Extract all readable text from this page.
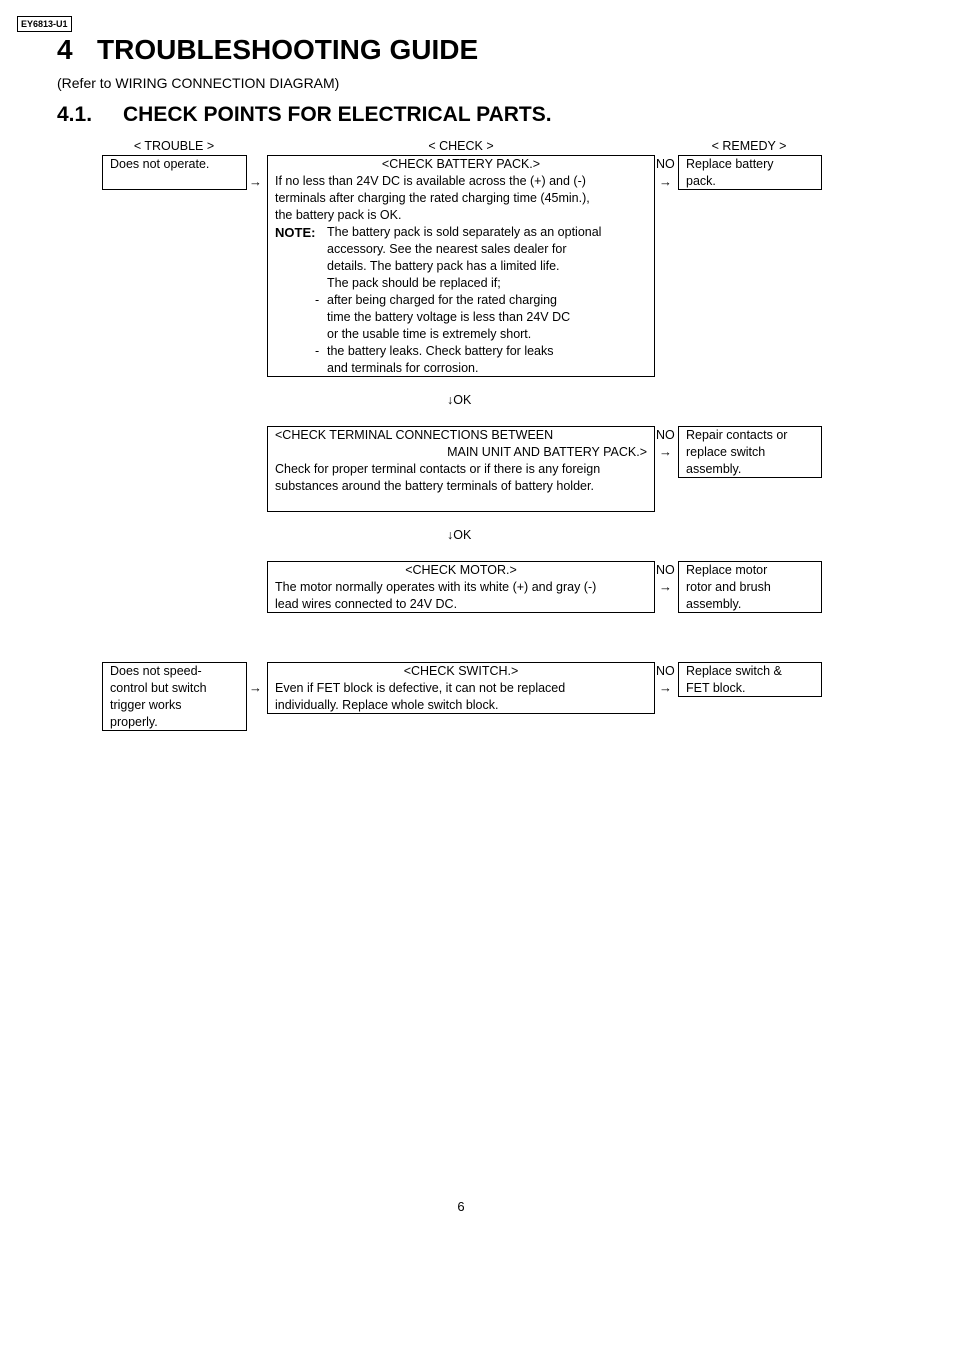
EY6813-U1
4 TROUBLESHOOTING GUIDE
(Refer to WIRING CONNECTION DIAGRAM)
4.1. CHECK POINTS FOR ELECTRICAL PARTS.
< TROUBLE >	< CHECK >	< REMEDY >

Does not operate.

→

<CHECK BATTERY PACK.>

If no less than 24V DC is available across the (+) and (-)

terminals after charging the rated charging time (45min.),

the battery pack is OK.

NOTE: The battery pack is sold separately as an optional

accessory. See the nearest sales dealer for

details. The battery pack has a limited life.

The pack should be replaced if;

- after being charged for the rated charging

time the battery voltage is less than 24V DC

or the usable time is extremely short.

- the battery leaks. Check battery for leaks

and terminals for corrosion.

NO
→

Replace battery

pack.

↓OK

<CHECK TERMINAL CONNECTIONS BETWEEN

MAIN UNIT AND BATTERY PACK.>

Check for proper terminal contacts or if there is any foreign

substances around the battery terminals of battery holder.

NO
→

Repair contacts or

replace switch

assembly.

↓OK

<CHECK MOTOR.>

The motor normally operates with its white (+) and gray (-)

lead wires connected to 24V DC.

NO
→

Replace motor

rotor and brush

assembly.

Does not speed-

control but switch

trigger works

properly.

→

<CHECK SWITCH.>

Even if FET block is defective, it can not be replaced

individually. Replace whole switch block.

NO
→

Replace switch &

FET block.

6
